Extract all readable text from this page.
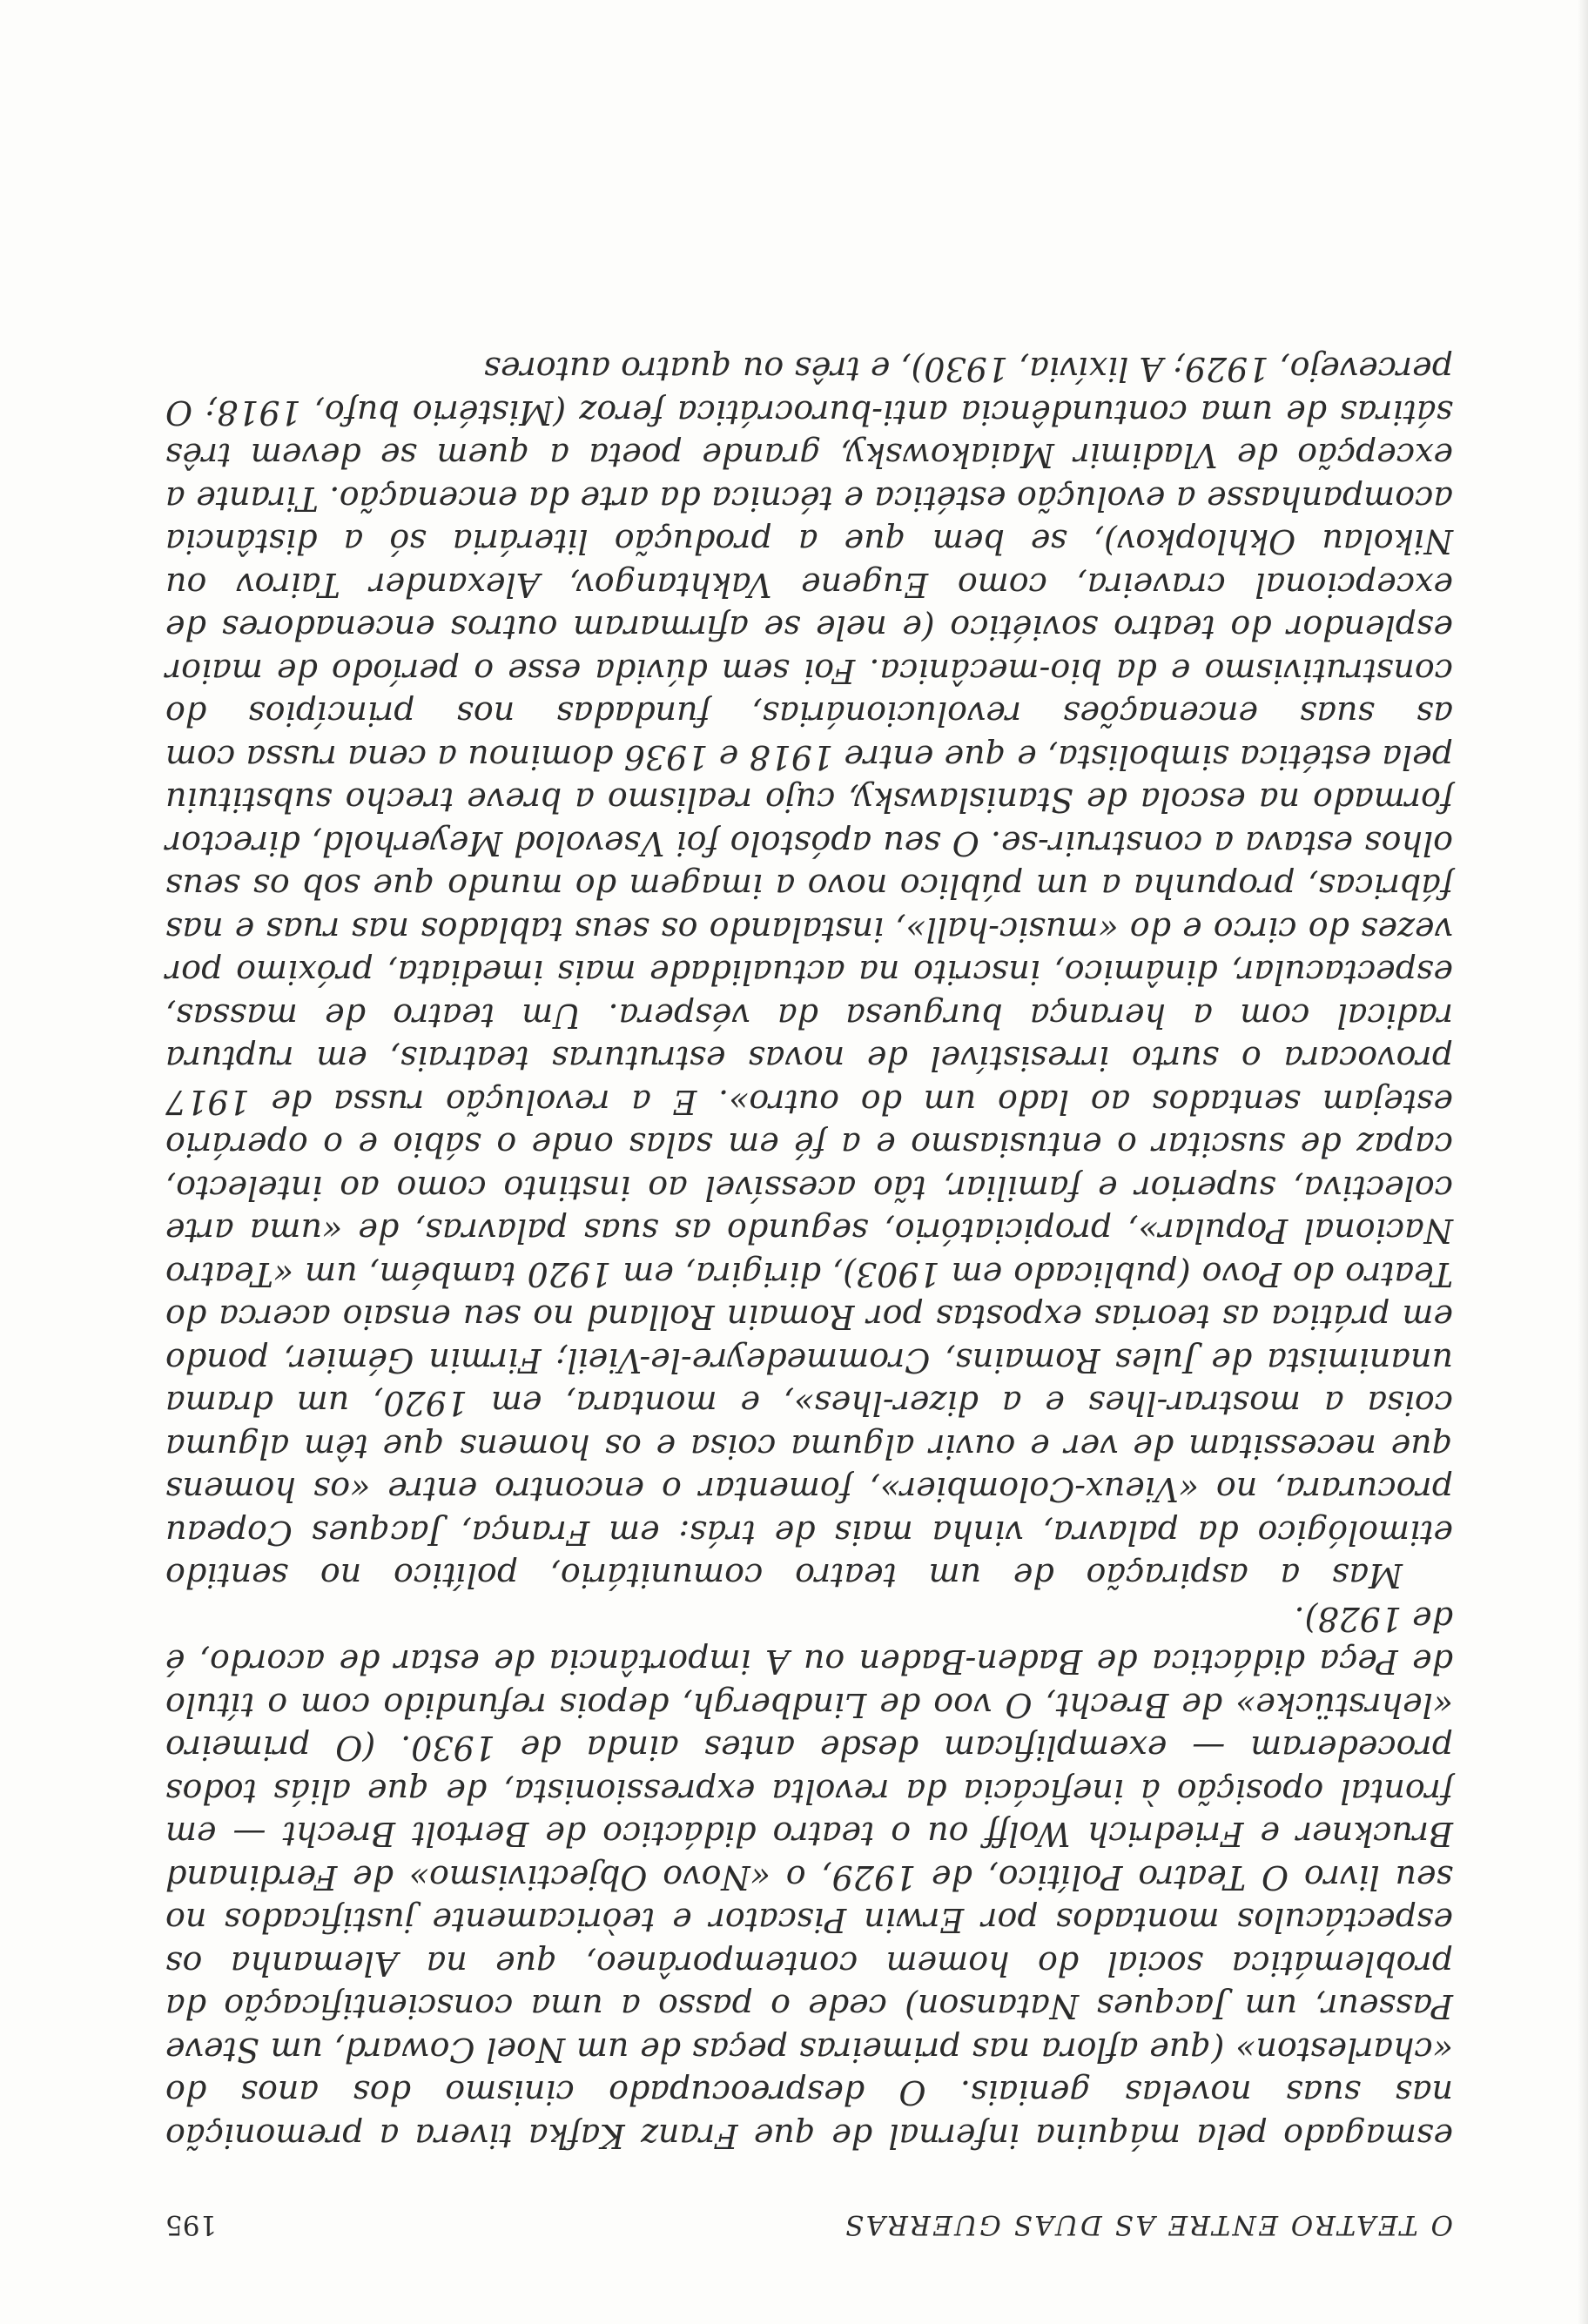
O TEATRO ENTRE AS DUAS GUERRAS
195

esmagado pela máquina infernal de que Franz Kafka tivera a premonição nas suas novelas geniais. O despreocupado cinismo dos anos do «charleston» (que aflora nas primeiras peças de um Noel Coward, um Steve Passeur, um Jacques Natanson) cede o passo a uma conscientificação da problemática social do homem contemporâneo, que na Alemanha os espectáculos montados por Erwin Piscator e teòricamente justificados no seu livro O Teatro Político, de 1929, o «Novo Objectivismo» de Ferdinand Bruckner e Friedrich Wolff ou o teatro didáctico de Bertolt Brecht — em frontal oposição à ineficácia da revolta expressionista, de que aliás todos procederam — exemplificam desde antes ainda de 1930. (O primeiro «lehrstücke» de Brecht, O voo de Lindbergh, depois refundido com o título de Peça didáctica de Baden-Baden ou A importância de estar de acordo, é de 1928).

Mas a aspiração de um teatro comunitário, político no sentido etimológico da palavra, vinha mais de trás: em França, Jacques Copeau procurara, no «Vieux-Colombier», fomentar o encontro entre «os homens que necessitam de ver e ouvir alguma coisa e os homens que têm alguma coisa a mostrar-lhes e a dizer-lhes», e montara, em 1920, um drama unanimista de Jules Romains, Crommedeyre-le-Vieil; Firmin Gémier, pondo em prática as teorias expostas por Romain Rolland no seu ensaio acerca do Teatro do Povo (publicado em 1903), dirigira, em 1920 também, um «Teatro Nacional Popular», propiciatório, segundo as suas palavras, de «uma arte colectiva, superior e familiar, tão acessível ao instinto como ao intelecto, capaz de suscitar o entusiasmo e a fé em salas onde o sábio e o operário estejam sentados ao lado um do outro». E a revolução russa de 1917 provocara o surto irresistível de novas estruturas teatrais, em ruptura radical com a herança burguesa da véspera. Um teatro de massas, espectacular, dinâmico, inscrito na actualidade mais imediata, próximo por vezes do circo e do «music-hall», instalando os seus tablados nas ruas e nas fábricas, propunha a um público novo a imagem do mundo que sob os seus olhos estava a construir-se. O seu apóstolo foi Vsevolod Meyerhold, director formado na escola de Stanislawsky, cujo realismo a breve trecho substituiu pela estética simbolista, e que entre 1918 e 1936 dominou a cena russa com as suas encenações revolucionárias, fundadas nos princípios do construtivismo e da bio-mecânica. Foi sem dúvida esse o período de maior esplendor do teatro soviético (e nele se afirmaram outros encenadores de excepcional craveira, como Eugene Vakhtangov, Alexander Tairov ou Nikolau Okhlopkov), se bem que a produção literária só a distância acompanhasse a evolução estética e técnica da arte da encenação. Tirante a excepção de Vladimir Maiakowsky, grande poeta a quem se devem três sátiras de uma contundência anti-burocrática feroz (Mistério bufo, 1918; O percevejo, 1929; A lixívia, 1930), e três ou quatro autores
